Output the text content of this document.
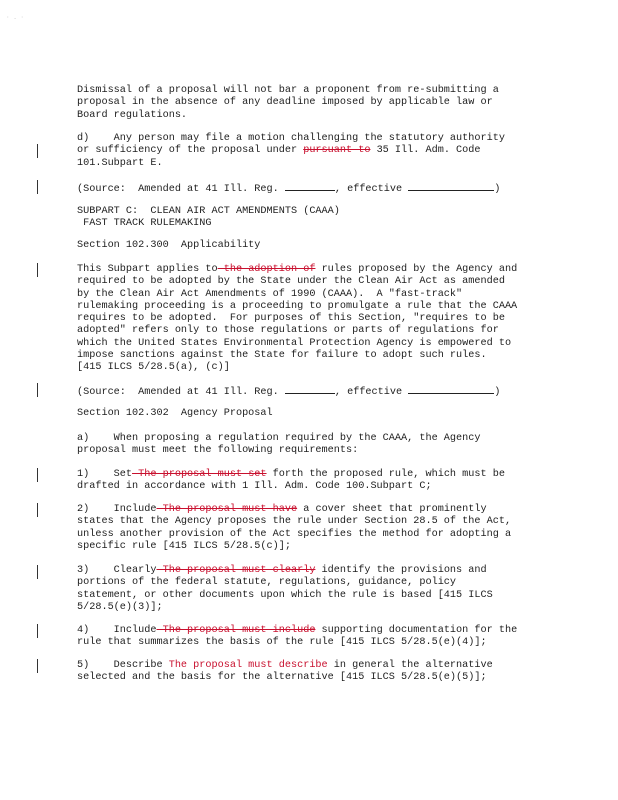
· . ·
Dismissal of a proposal will not bar a proponent from re-submitting a
proposal in the absence of any deadline imposed by applicable law or
Board regulations.
d)    Any person may file a motion challenging the statutory authority
or sufficiency of the proposal under pursuant to 35 Ill. Adm. Code
101.Subpart E.
(Source:  Amended at 41 Ill. Reg.	, effective	)
SUBPART C:  CLEAN AIR ACT AMENDMENTS (CAAA)
FAST TRACK RULEMAKING
Section 102.300  Applicability
This Subpart applies to the adoption of rules proposed by the Agency and
required to be adopted by the State under the Clean Air Act as amended
by the Clean Air Act Amendments of 1990 (CAAA).  A "fast-track"
rulemaking proceeding is a proceeding to promulgate a rule that the CAAA
requires to be adopted.  For purposes of this Section, "requires to be
adopted" refers only to those regulations or parts of regulations for
which the United States Environmental Protection Agency is empowered to
impose sanctions against the State for failure to adopt such rules.
[415 ILCS 5/28.5(a), (c)]
(Source:  Amended at 41 Ill. Reg.	, effective	)
Section 102.302  Agency Proposal
a)    When proposing a regulation required by the CAAA, the Agency
proposal must meet the following requirements:
1)    Set The proposal must set forth the proposed rule, which must be
drafted in accordance with 1 Ill. Adm. Code 100.Subpart C;
2)    Include The proposal must have a cover sheet that prominently
states that the Agency proposes the rule under Section 28.5 of the Act,
unless another provision of the Act specifies the method for adopting a
specific rule [415 ILCS 5/28.5(c)];
3)    Clearly The proposal must clearly identify the provisions and
portions of the federal statute, regulations, guidance, policy
statement, or other documents upon which the rule is based [415 ILCS
5/28.5(e)(3)];
4)    Include The proposal must include supporting documentation for the
rule that summarizes the basis of the rule [415 ILCS 5/28.5(e)(4)];
5)    Describe The proposal must describe in general the alternative
selected and the basis for the alternative [415 ILCS 5/28.5(e)(5)];
